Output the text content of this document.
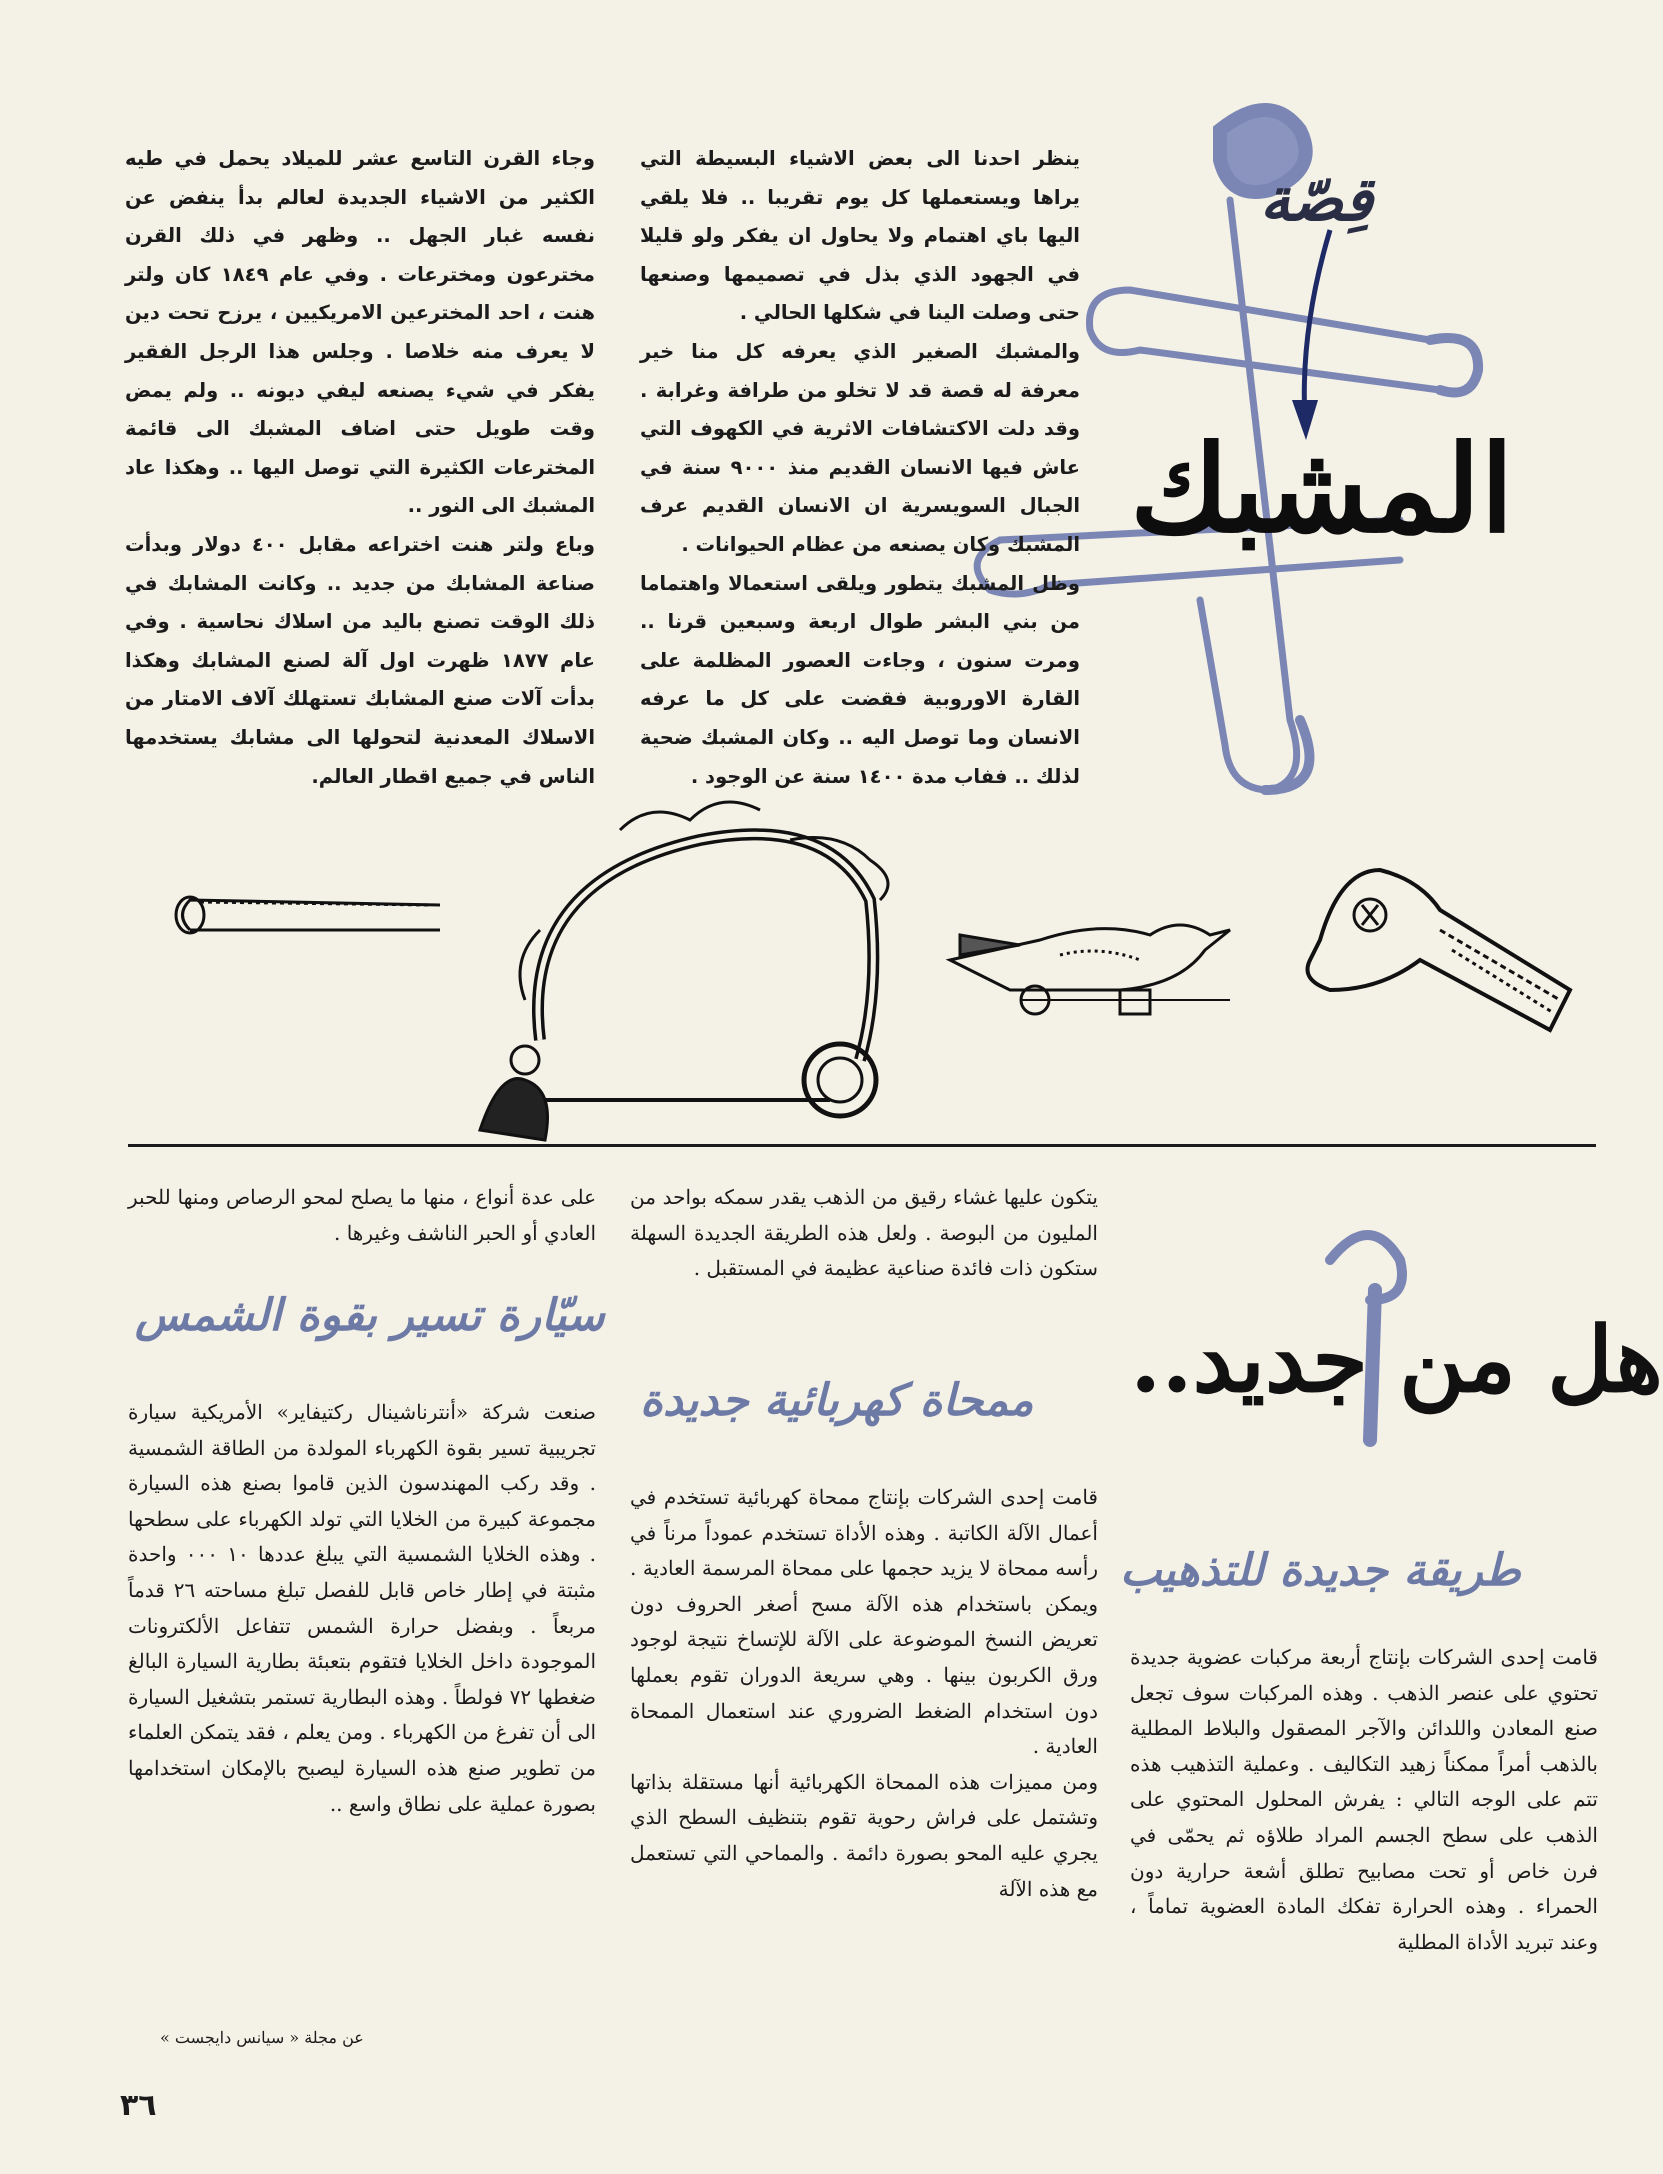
قِصّة
المشبك
ينظر احدنا الى بعض الاشياء البسيطة التي يراها ويستعملها كل يوم تقريبا .. فلا يلقي اليها باي اهتمام ولا يحاول ان يفكر ولو قليلا في الجهود الذي بذل في تصميمها وصنعها حتى وصلت الينا في شكلها الحالي .
والمشبك الصغير الذي يعرفه كل منا خير معرفة له قصة قد لا تخلو من طرافة وغرابة . وقد دلت الاكتشافات الاثرية في الكهوف التي عاش فيها الانسان القديم منذ ٩٠٠٠ سنة في الجبال السويسرية ان الانسان القديم عرف المشبك وكان يصنعه من عظام الحيوانات .
وظل المشبك يتطور ويلقى استعمالا واهتماما من بني البشر طوال اربعة وسبعين قرنا .. ومرت سنون ، وجاءت العصور المظلمة على القارة الاوروبية فقضت على كل ما عرفه الانسان وما توصل اليه .. وكان المشبك ضحية لذلك .. ففاب مدة ١٤٠٠ سنة عن الوجود .
وجاء القرن التاسع عشر للميلاد يحمل في طيه الكثير من الاشياء الجديدة لعالم بدأ ينفض عن نفسه غبار الجهل .. وظهر في ذلك القرن مخترعون ومخترعات . وفي عام ١٨٤٩ كان ولتر هنت ، احد المخترعين الامريكيين ، يرزح تحت دين لا يعرف منه خلاصا . وجلس هذا الرجل الفقير يفكر في شيء يصنعه ليفي ديونه .. ولم يمض وقت طويل حتى اضاف المشبك الى قائمة المخترعات الكثيرة التي توصل اليها .. وهكذا عاد المشبك الى النور ..
وباع ولتر هنت اختراعه مقابل ٤٠٠ دولار وبدأت صناعة المشابك من جديد .. وكانت المشابك في ذلك الوقت تصنع باليد من اسلاك نحاسية . وفي عام ١٨٧٧ ظهرت اول آلة لصنع المشابك وهكذا بدأت آلات صنع المشابك تستهلك آلاف الامتار من الاسلاك المعدنية لتحولها الى مشابك يستخدمها الناس في جميع اقطار العالم.
هل من جديد..
طريقة جديدة للتذهيب
قامت إحدى الشركات بإنتاج أربعة مركبات عضوية جديدة تحتوي على عنصر الذهب . وهذه المركبات سوف تجعل صنع المعادن واللدائن والآجر المصقول والبلاط المطلية بالذهب أمراً ممكناً زهيد التكاليف . وعملية التذهيب هذه تتم على الوجه التالي : يفرش المحلول المحتوي على الذهب على سطح الجسم المراد طلاؤه ثم يحمّى في فرن خاص أو تحت مصابيح تطلق أشعة حرارية دون الحمراء . وهذه الحرارة تفكك المادة العضوية تماماً ، وعند تبريد الأداة المطلية
يتكون عليها غشاء رقيق من الذهب يقدر سمكه بواحد من المليون من البوصة . ولعل هذه الطريقة الجديدة السهلة ستكون ذات فائدة صناعية عظيمة في المستقبل .
ممحاة كهربائية جديدة
قامت إحدى الشركات بإنتاج ممحاة كهربائية تستخدم في أعمال الآلة الكاتبة . وهذه الأداة تستخدم عموداً مرناً في رأسه ممحاة لا يزيد حجمها على ممحاة المرسمة العادية . ويمكن باستخدام هذه الآلة مسح أصغر الحروف دون تعريض النسخ الموضوعة على الآلة للإتساخ نتيجة لوجود ورق الكربون بينها . وهي سريعة الدوران تقوم بعملها دون استخدام الضغط الضروري عند استعمال الممحاة العادية .
ومن مميزات هذه الممحاة الكهربائية أنها مستقلة بذاتها وتشتمل على فراش رحوية تقوم بتنظيف السطح الذي يجري عليه المحو بصورة دائمة . والمماحي التي تستعمل مع هذه الآلة
على عدة أنواع ، منها ما يصلح لمحو الرصاص ومنها للحبر العادي أو الحبر الناشف وغيرها .
سيّارة تسير بقوة الشمس
صنعت شركة «أنترناشينال ركتيفاير» الأمريكية سيارة تجريبية تسير بقوة الكهرباء المولدة من الطاقة الشمسية . وقد ركب المهندسون الذين قاموا بصنع هذه السيارة مجموعة كبيرة من الخلايا التي تولد الكهرباء على سطحها . وهذه الخلايا الشمسية التي يبلغ عددها ١٠ ٠٠٠ واحدة مثبتة في إطار خاص قابل للفصل تبلغ مساحته ٢٦ قدماً مربعاً . وبفضل حرارة الشمس تتفاعل الألكترونات الموجودة داخل الخلايا فتقوم بتعبئة بطارية السيارة البالغ ضغطها ٧٢ فولطاً . وهذه البطارية تستمر بتشغيل السيارة الى أن تفرغ من الكهرباء . ومن يعلم ، فقد يتمكن العلماء من تطوير صنع هذه السيارة ليصبح بالإمكان استخدامها بصورة عملية على نطاق واسع ..
عن مجلة « سيانس دايجست »
٣٦
